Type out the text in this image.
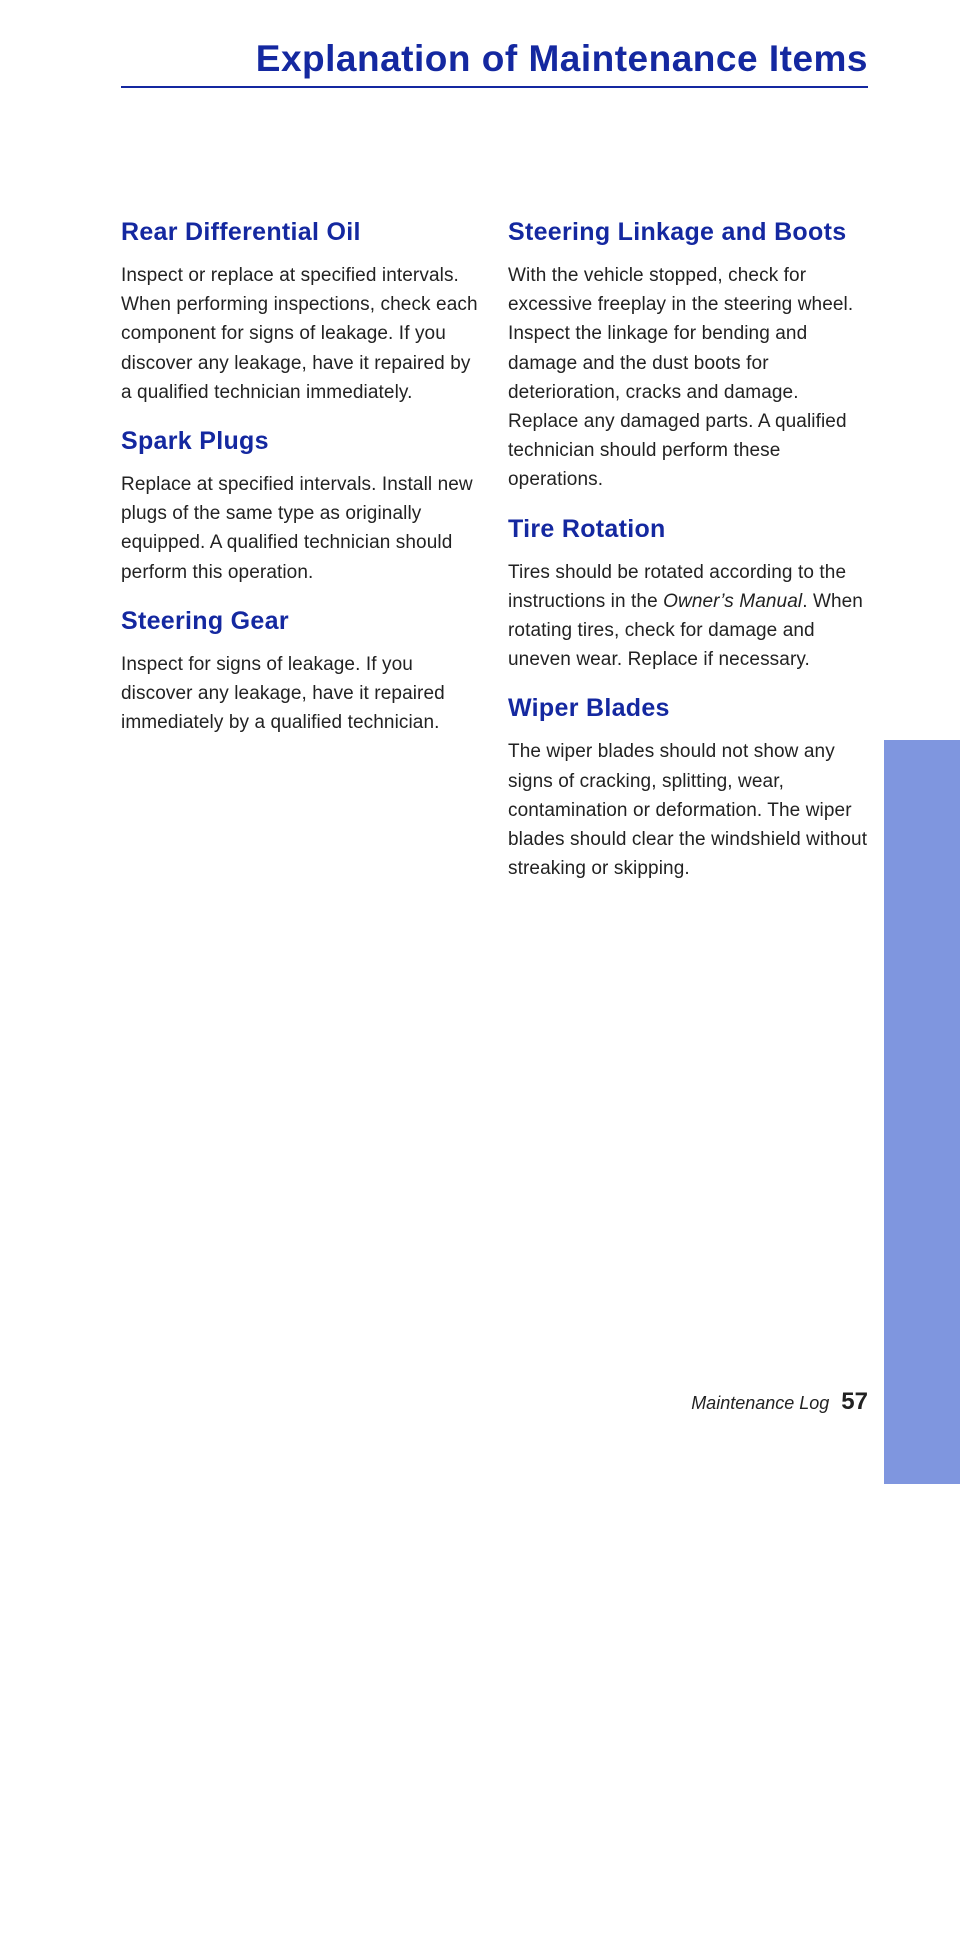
Explanation of Maintenance Items
Rear Differential Oil

Inspect or replace at specified intervals. When performing inspections, check each component for signs of leakage. If you discover any leakage, have it repaired by a qualified technician immediately.

Spark Plugs

Replace at specified intervals. Install new plugs of the same type as originally equipped. A qualified technician should perform this operation.

Steering Gear

Inspect for signs of leakage. If you discover any leakage, have it repaired immediately by a qualified technician.

Steering Linkage and Boots

With the vehicle stopped, check for excessive freeplay in the steering wheel. Inspect the linkage for bending and damage and the dust boots for deterioration, cracks and damage. Replace any damaged parts. A qualified technician should perform these operations.

Tire Rotation

Tires should be rotated according to the instructions in the Owner’s Manual. When rotating tires, check for damage and uneven wear. Replace if necessary.

Wiper Blades

The wiper blades should not show any signs of cracking, splitting, wear, contamination or deformation. The wiper blades should clear the windshield without streaking or skipping.

MAINTENANCE
Maintenance Log 57
